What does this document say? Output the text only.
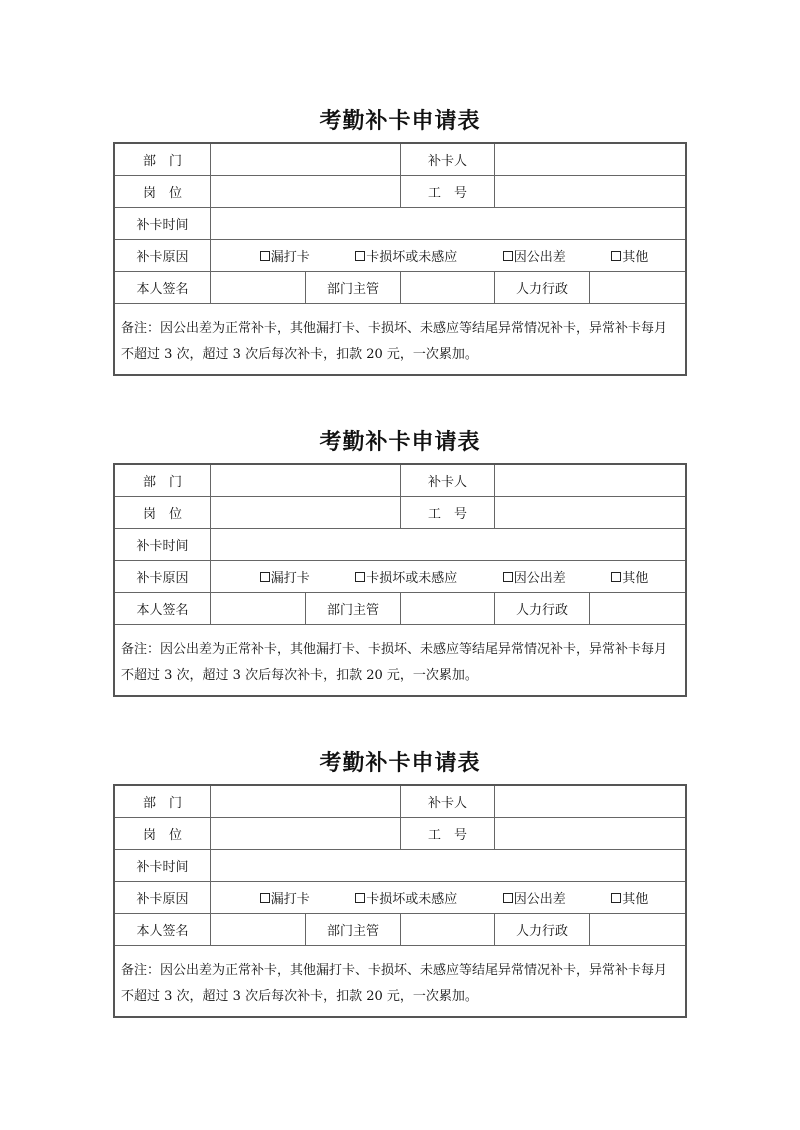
考勤补卡申请表
部　门	补卡人
岗　位	工　号
补卡时间
补卡原因	漏打卡	卡损坏或未感应	因公出差	其他
本人签名	部门主管	人力行政
备注：因公出差为正常补卡，其他漏打卡、卡损坏、未感应等结尾异常情况补卡，异常补卡每月不超过 3 次，超过 3 次后每次补卡，扣款 20 元，一次累加。
考勤补卡申请表
部　门	补卡人
岗　位	工　号
补卡时间
补卡原因	漏打卡	卡损坏或未感应	因公出差	其他
本人签名	部门主管	人力行政
备注：因公出差为正常补卡，其他漏打卡、卡损坏、未感应等结尾异常情况补卡，异常补卡每月不超过 3 次，超过 3 次后每次补卡，扣款 20 元，一次累加。
考勤补卡申请表
部　门	补卡人
岗　位	工　号
补卡时间
补卡原因	漏打卡	卡损坏或未感应	因公出差	其他
本人签名	部门主管	人力行政
备注：因公出差为正常补卡，其他漏打卡、卡损坏、未感应等结尾异常情况补卡，异常补卡每月不超过 3 次，超过 3 次后每次补卡，扣款 20 元，一次累加。
